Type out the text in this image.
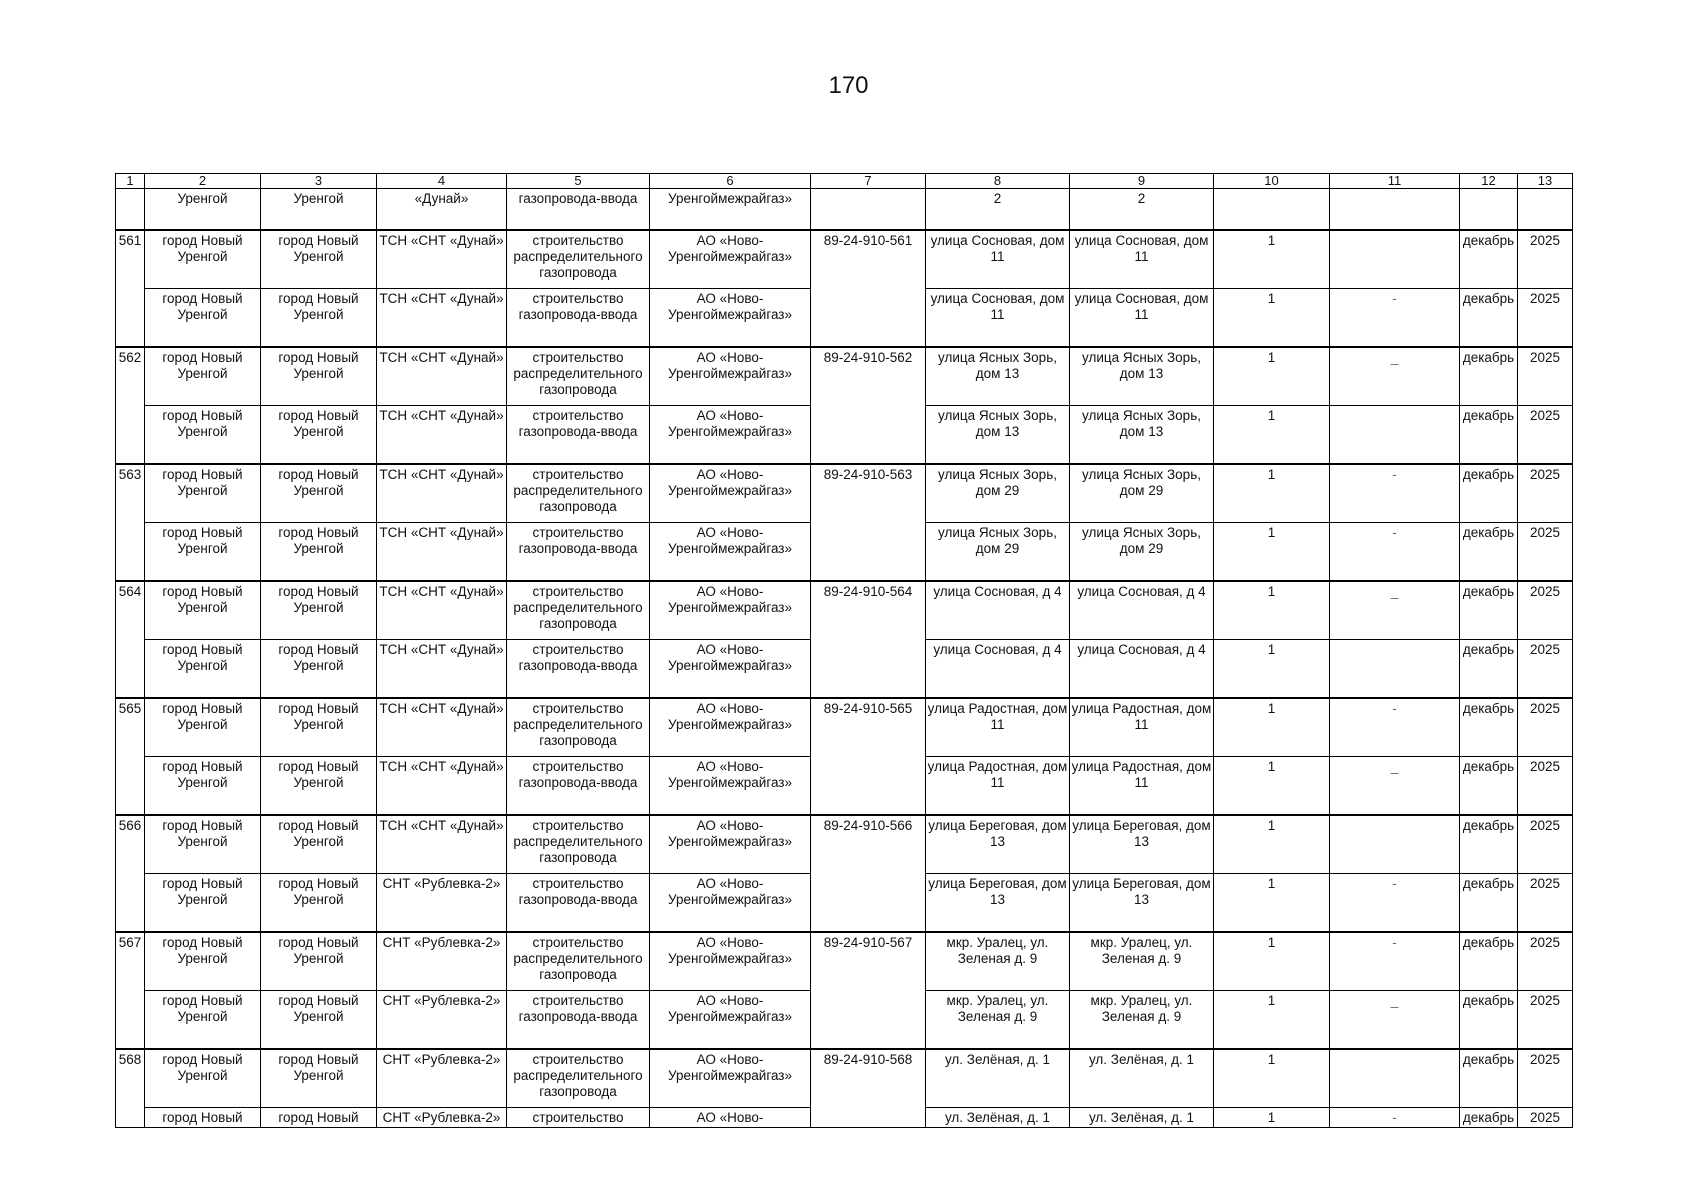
170
1	2	3	4	5	6	7	8	9	10	11	12	13
	Уренгой	Уренгой	«Дунай»	газопровода-ввода	Уренгоймежрайгаз»		2	2				
561	город Новый Уренгой	город Новый Уренгой	ТСН «СНТ «Дунай»	строительство распределительного газопровода	АО «Ново-Уренгоймежрайгаз»	89-24-910-561	улица Сосновая, дом 11	улица Сосновая, дом 11	1		декабрь	2025
	город Новый Уренгой	город Новый Уренгой	ТСН «СНТ «Дунай»	строительство газопровода-ввода	АО «Ново-Уренгоймежрайгаз»		улица Сосновая, дом 11	улица Сосновая, дом 11	1	-	декабрь	2025
562	город Новый Уренгой	город Новый Уренгой	ТСН «СНТ «Дунай»	строительство распределительного газопровода	АО «Ново-Уренгоймежрайгаз»	89-24-910-562	улица Ясных Зорь, дом 13	улица Ясных Зорь, дом 13	1	_	декабрь	2025
	город Новый Уренгой	город Новый Уренгой	ТСН «СНТ «Дунай»	строительство газопровода-ввода	АО «Ново-Уренгоймежрайгаз»		улица Ясных Зорь, дом 13	улица Ясных Зорь, дом 13	1		декабрь	2025
563	город Новый Уренгой	город Новый Уренгой	ТСН «СНТ «Дунай»	строительство распределительного газопровода	АО «Ново-Уренгоймежрайгаз»	89-24-910-563	улица Ясных Зорь, дом 29	улица Ясных Зорь, дом 29	1	-	декабрь	2025
	город Новый Уренгой	город Новый Уренгой	ТСН «СНТ «Дунай»	строительство газопровода-ввода	АО «Ново-Уренгоймежрайгаз»		улица Ясных Зорь, дом 29	улица Ясных Зорь, дом 29	1	-	декабрь	2025
564	город Новый Уренгой	город Новый Уренгой	ТСН «СНТ «Дунай»	строительство распределительного газопровода	АО «Ново-Уренгоймежрайгаз»	89-24-910-564	улица Сосновая, д 4	улица Сосновая, д 4	1	_	декабрь	2025
	город Новый Уренгой	город Новый Уренгой	ТСН «СНТ «Дунай»	строительство газопровода-ввода	АО «Ново-Уренгоймежрайгаз»		улица Сосновая, д 4	улица Сосновая, д 4	1		декабрь	2025
565	город Новый Уренгой	город Новый Уренгой	ТСН «СНТ «Дунай»	строительство распределительного газопровода	АО «Ново-Уренгоймежрайгаз»	89-24-910-565	улица Радостная, дом 11	улица Радостная, дом 11	1	-	декабрь	2025
	город Новый Уренгой	город Новый Уренгой	ТСН «СНТ «Дунай»	строительство газопровода-ввода	АО «Ново-Уренгоймежрайгаз»		улица Радостная, дом 11	улица Радостная, дом 11	1	_	декабрь	2025
566	город Новый Уренгой	город Новый Уренгой	ТСН «СНТ «Дунай»	строительство распределительного газопровода	АО «Ново-Уренгоймежрайгаз»	89-24-910-566	улица Береговая, дом 13	улица Береговая, дом 13	1		декабрь	2025
	город Новый Уренгой	город Новый Уренгой	СНТ «Рублевка-2»	строительство газопровода-ввода	АО «Ново-Уренгоймежрайгаз»		улица Береговая, дом 13	улица Береговая, дом 13	1	-	декабрь	2025
567	город Новый Уренгой	город Новый Уренгой	СНТ «Рублевка-2»	строительство распределительного газопровода	АО «Ново-Уренгоймежрайгаз»	89-24-910-567	мкр. Уралец, ул. Зеленая д. 9	мкр. Уралец, ул. Зеленая д. 9	1	-	декабрь	2025
	город Новый Уренгой	город Новый Уренгой	СНТ «Рублевка-2»	строительство газопровода-ввода	АО «Ново-Уренгоймежрайгаз»		мкр. Уралец, ул. Зеленая д. 9	мкр. Уралец, ул. Зеленая д. 9	1	_	декабрь	2025
568	город Новый Уренгой	город Новый Уренгой	СНТ «Рублевка-2»	строительство распределительного газопровода	АО «Ново-Уренгоймежрайгаз»	89-24-910-568	ул. Зелёная, д. 1	ул. Зелёная, д. 1	1		декабрь	2025
	город Новый	город Новый	СНТ «Рублевка-2»	строительство	АО «Ново-		ул. Зелёная, д. 1	ул. Зелёная, д. 1	1	-	декабрь	2025
